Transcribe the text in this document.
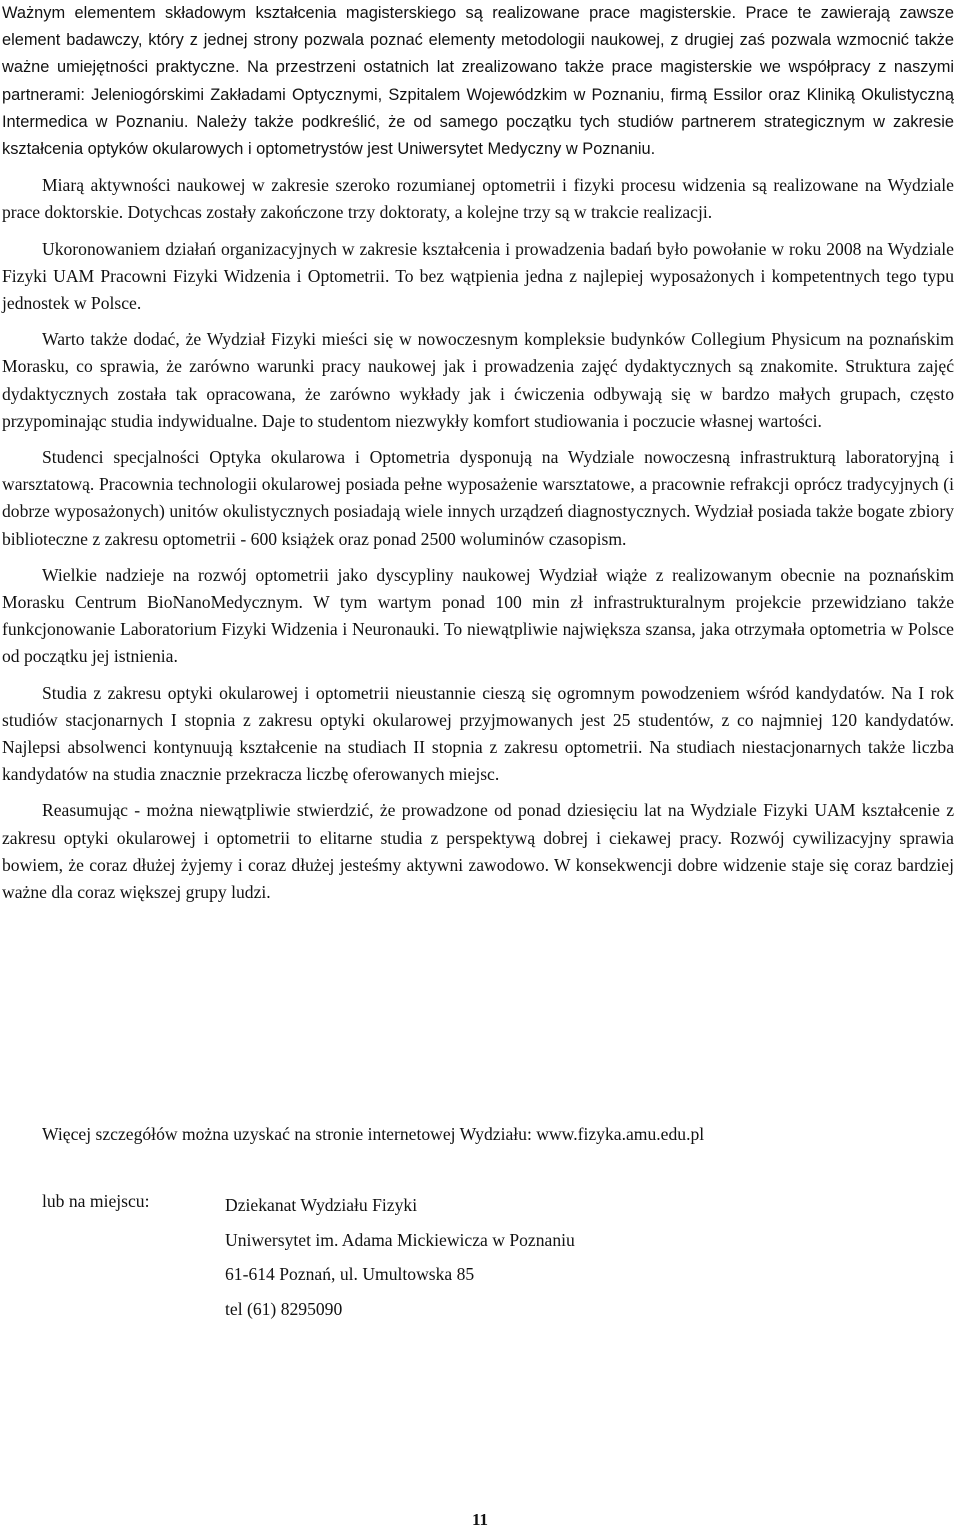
Ważnym elementem składowym kształcenia magisterskiego są realizowane prace magisterskie. Prace te zawierają zawsze element badawczy, który z jednej strony pozwala poznać elementy metodologii naukowej, z drugiej zaś pozwala wzmocnić także ważne umiejętności praktyczne. Na przestrzeni ostatnich lat zrealizowano także prace magisterskie we współpracy z naszymi partnerami: Jeleniogórskimi Zakładami Optycznymi, Szpitalem Wojewódzkim w Poznaniu, firmą Essilor oraz Kliniką Okulistyczną Intermedica w Poznaniu. Należy także podkreślić, że od samego początku tych studiów partnerem strategicznym w zakresie kształcenia optyków okularowych i optometrystów jest Uniwersytet Medyczny w Poznaniu.

Miarą aktywności naukowej w zakresie szeroko rozumianej optometrii i fizyki procesu widzenia są realizowane na Wydziale prace doktorskie. Dotychcas zostały zakończone trzy doktoraty, a kolejne trzy są w trakcie realizacji.

Ukoronowaniem działań organizacyjnych w zakresie kształcenia i prowadzenia badań było powołanie w roku 2008 na Wydziale Fizyki UAM Pracowni Fizyki Widzenia i Optometrii. To bez wątpienia jedna z najlepiej wyposażonych i kompetentnych tego typu jednostek w Polsce.

Warto także dodać, że Wydział Fizyki mieści się w nowoczesnym kompleksie budynków Collegium Physicum na poznańskim Morasku, co sprawia, że zarówno warunki pracy naukowej jak i prowadzenia zajęć dydaktycznych są znakomite. Struktura zajęć dydaktycznych została tak opracowana, że zarówno wykłady jak i ćwiczenia odbywają się w bardzo małych grupach, często przypominając studia indywidualne. Daje to studentom niezwykły komfort studiowania i poczucie własnej wartości.

Studenci specjalności Optyka okularowa i Optometria dysponują na Wydziale nowoczesną infrastrukturą laboratoryjną i warsztatową. Pracownia technologii okularowej posiada pełne wyposażenie warsztatowe, a pracownie refrakcji oprócz tradycyjnych (i dobrze wyposażonych) unitów okulistycznych posiadają wiele innych urządzeń diagnostycznych. Wydział posiada także bogate zbiory biblioteczne z zakresu optometrii - 600 książek oraz ponad 2500 woluminów czasopism.

Wielkie nadzieje na rozwój optometrii jako dyscypliny naukowej Wydział wiąże z realizowanym obecnie na poznańskim Morasku Centrum BioNanoMedycznym. W tym wartym ponad 100 min zł infrastrukturalnym projekcie przewidziano także funkcjonowanie Laboratorium Fizyki Widzenia i Neuronauki. To niewątpliwie największa szansa, jaka otrzymała optometria w Polsce od początku jej istnienia.

Studia z zakresu optyki okularowej i optometrii nieustannie cieszą się ogromnym powodzeniem wśród kandydatów. Na I rok studiów stacjonarnych I stopnia z zakresu optyki okularowej przyjmowanych jest 25 studentów, z co najmniej 120 kandydatów. Najlepsi absolwenci kontynuują kształcenie na studiach II stopnia z zakresu optometrii. Na studiach niestacjonarnych także liczba kandydatów na studia znacznie przekracza liczbę oferowanych miejsc.

Reasumując - można niewątpliwie stwierdzić, że prowadzone od ponad dziesięciu lat na Wydziale Fizyki UAM kształcenie z zakresu optyki okularowej i optometrii to elitarne studia z perspektywą dobrej i ciekawej pracy. Rozwój cywilizacyjny sprawia bowiem, że coraz dłużej żyjemy i coraz dłużej jesteśmy aktywni zawodowo. W konsekwencji dobre widzenie staje się coraz bardziej ważne dla coraz większej grupy ludzi.

Więcej szczegółów można uzyskać na stronie internetowej Wydziału: www.fizyka.amu.edu.pl
lub na miejscu:	Dziekanat Wydziału Fizyki
Uniwersytet im. Adama Mickiewicza w Poznaniu
61-614 Poznań, ul. Umultowska 85
tel (61) 8295090
11
